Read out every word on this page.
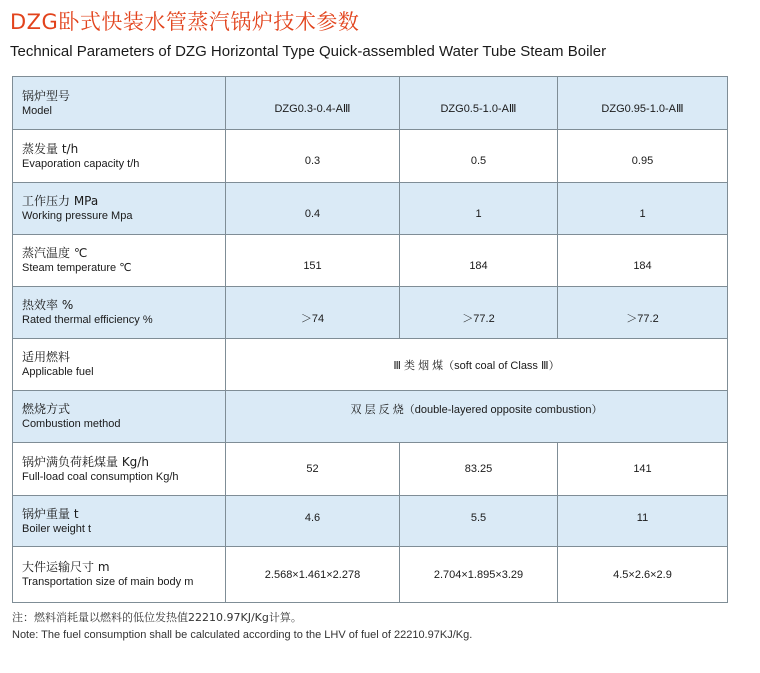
DZG卧式快装水管蒸汽锅炉技术参数
Technical Parameters of DZG Horizontal Type Quick-assembled Water Tube Steam Boiler
锅炉型号
Model	DZG0.3-0.4-AⅢ	DZG0.5-1.0-AⅢ	DZG0.95-1.0-AⅢ

蒸发量 t/h
Evaporation capacity t/h	0.3	0.5	0.95

工作压力 MPa
Working pressure Mpa	0.4	1	1

蒸汽温度 ℃
Steam temperature ℃	151	184	184

热效率 %
Rated thermal efficiency %	＞74	＞77.2	＞77.2

适用燃料
Applicable fuel	Ⅲ 类 烟 煤（soft coal of Class Ⅲ）		

燃烧方式
Combustion method	双 层 反 烧（double-layered opposite combustion）		

锅炉满负荷耗煤量 Kg/h
Full-load coal consumption Kg/h	52	83.25	141

锅炉重量 t
Boiler weight t	4.6	5.5	11

大件运输尺寸 m
Transportation size of main body m	2.568×1.461×2.278	2.704×1.895×3.29	4.5×2.6×2.9
注：燃料消耗量以燃料的低位发热值22210.97KJ/Kg计算。
Note: The fuel consumption shall be calculated according to the LHV of fuel of 22210.97KJ/Kg.
